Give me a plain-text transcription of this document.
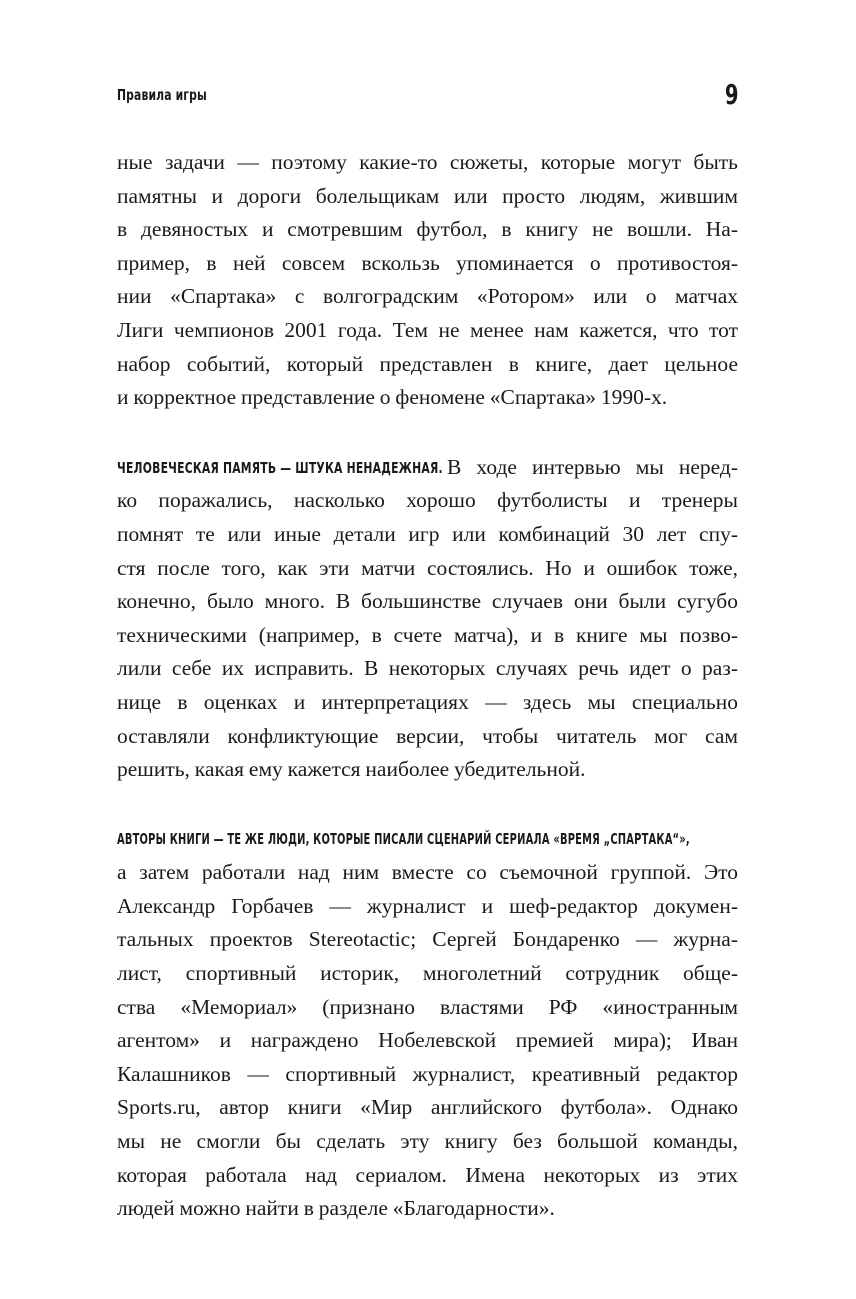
Правила игры	9
ные задачи — поэтому какие-то сюжеты, которые могут быть
памятны и дороги болельщикам или просто людям, жившим
в девяностых и смотревшим футбол, в книгу не вошли. На-
пример, в ней совсем вскользь упоминается о противостоя-
нии «Спартака» с волгоградским «Ротором» или о матчах
Лиги чемпионов 2001 года. Тем не менее нам кажется, что тот
набор событий, который представлен в книге, дает цельное
и корректное представление о феномене «Спартака» 1990-х.
ЧЕЛОВЕЧЕСКАЯ ПАМЯТЬ — ШТУКА НЕНАДЕЖНАЯ. В ходе интервью мы неред-
ко поражались, насколько хорошо футболисты и тренеры
помнят те или иные детали игр или комбинаций 30 лет спу-
стя после того, как эти матчи состоялись. Но и ошибок тоже,
конечно, было много. В большинстве случаев они были сугубо
техническими (например, в счете матча), и в книге мы позво-
лили себе их исправить. В некоторых случаях речь идет о раз-
нице в оценках и интерпретациях — здесь мы специально
оставляли конфликтующие версии, чтобы читатель мог сам
решить, какая ему кажется наиболее убедительной.
АВТОРЫ КНИГИ — ТЕ ЖЕ ЛЮДИ, КОТОРЫЕ ПИСАЛИ СЦЕНАРИЙ СЕРИАЛА «ВРЕМЯ „СПАРТАКА“»,
а затем работали над ним вместе со съемочной группой. Это
Александр Горбачев — журналист и шеф-редактор докумен-
тальных проектов Stereotactic; Сергей Бондаренко — журна-
лист, спортивный историк, многолетний сотрудник обще-
ства «Мемориал» (признано властями РФ «иностранным
агентом» и награждено Нобелевской премией мира); Иван
Калашников — спортивный журналист, креативный редактор
Sports.ru, автор книги «Мир английского футбола». Однако
мы не смогли бы сделать эту книгу без большой команды,
которая работала над сериалом. Имена некоторых из этих
людей можно найти в разделе «Благодарности».
